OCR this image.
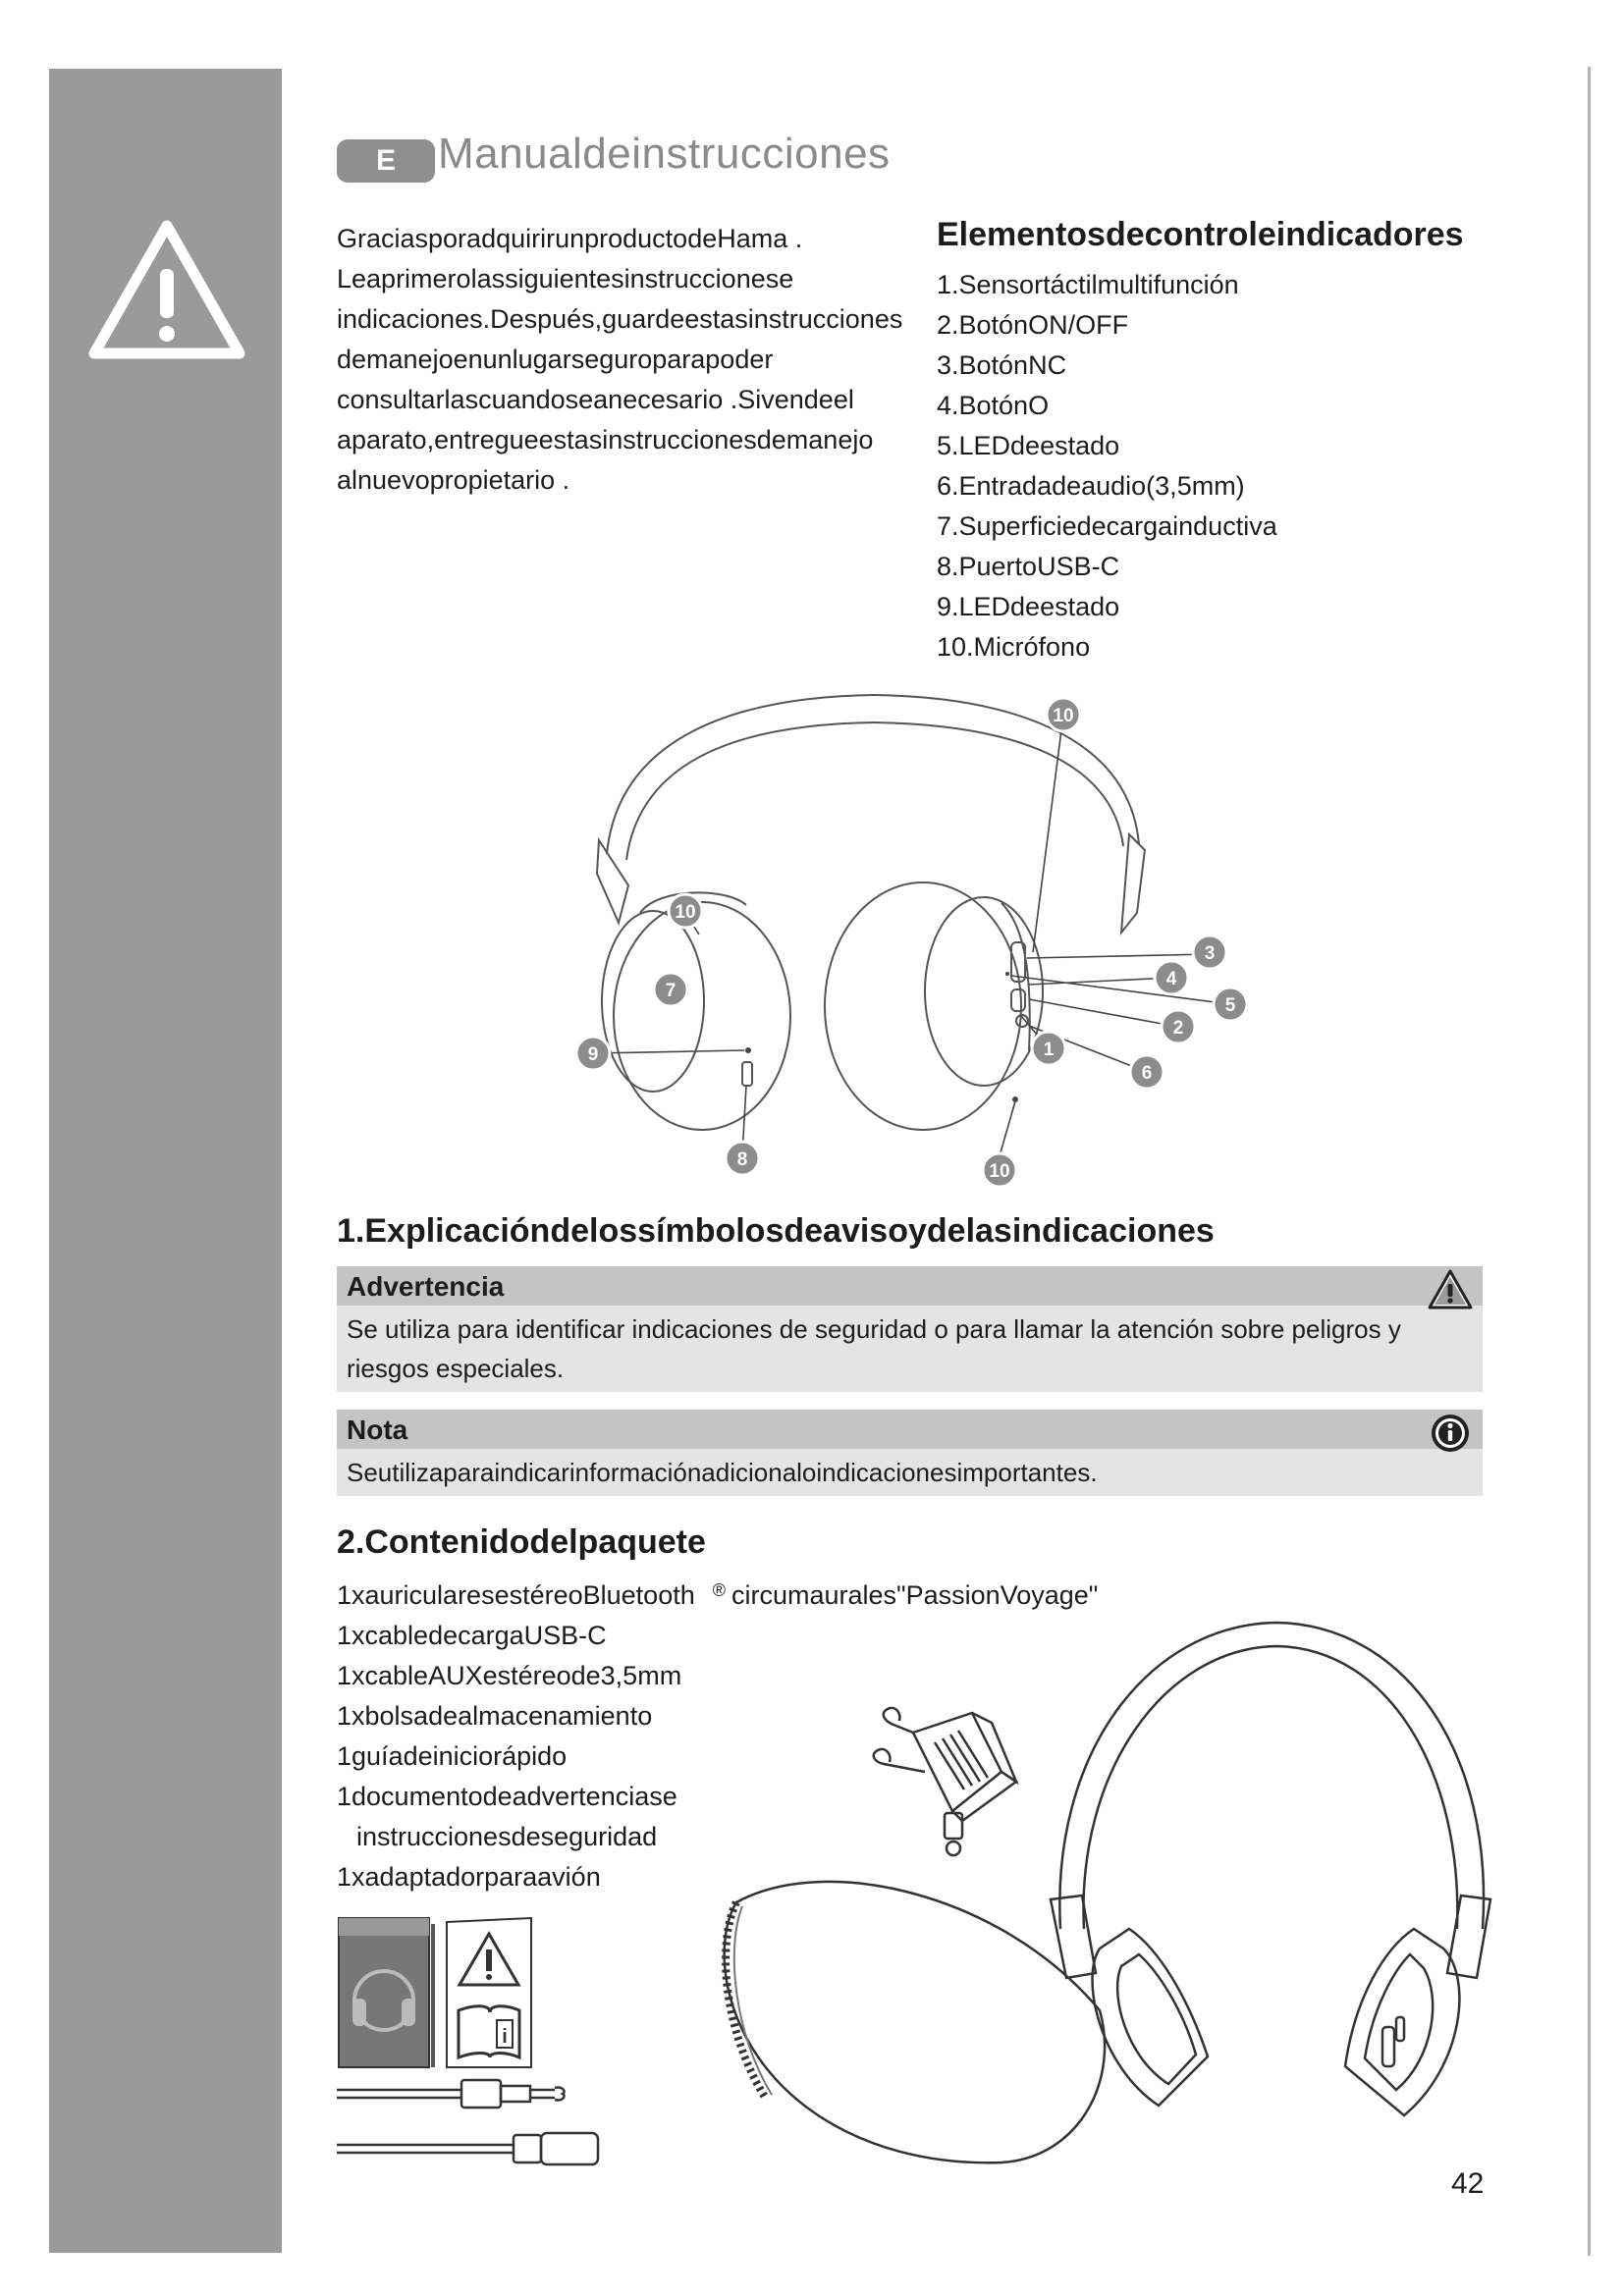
E Manualdeinstrucciones
GraciasporadquirirunproductodeHama .
Leaprimerolassiguientesinstruccionese
indicaciones.Después,guardeestasinstrucciones
demanejoenunlugarseguroparapoder
consultarlascuandoseanecesario .Sivendeel
aparato,entregueestasinstruccionesdemanejo
alnuevopropietario .
Elementosdecontroleindicadores
1.Sensortáctilmultifunción
2.BotónON/OFF
3.BotónNC
4.BotónO
5.LEDdeestado
6.Entradadeaudio(3,5mm)
7.Superficiedecargainductiva
8.PuertoUSB-C
9.LEDdeestado
10.Micrófono
10
10
7
9
8
3
4
5
2
1
6
10
1.Explicacióndelossímbolosdeavisoydelasindicaciones
Advertencia
Se utiliza para identificar indicaciones de seguridad o para llamar la atención sobre peligros y riesgos especiales.
Nota
Seutilizaparaindicarinformaciónadicionaloindicacionesimportantes.
2.Contenidodelpaquete
1xauricularesestéreoBluetooth ® circumaurales"PassionVoyage"
1xcabledecargaUSB-C
1xcableAUXestéreode3,5mm
1xbolsadealmacenamiento
1guíadeiniciorápido
1documentodeadvertenciase
instruccionesdeseguridad
1xadaptadorparaavión
i
42
